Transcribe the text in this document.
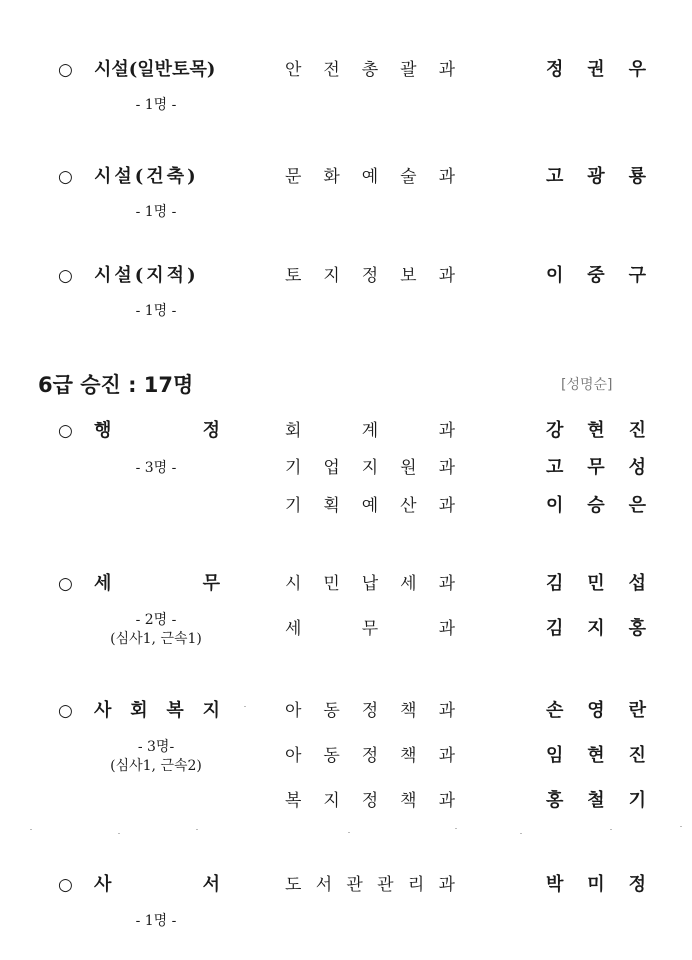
○ 시설(일반토목)
- 1명 -
안 전 총 괄 과	정 권 우
○ 시설(건축)
- 1명 -
문 화 예 술 과	고 광 룡
○ 시설(지적)
- 1명 -
토 지 정 보 과	이 중 구
6급 승진 : 17명	[성명순]
○ 행	정
- 3명 -
회	계	과	강 현 진
기 업 지 원 과	고 무 성
기 획 예 산 과	이 승 은
○ 세	무
- 2명 -
(심사1, 근속1)
시 민 납 세 과	김 민 섭
세	무	과	김 지 홍
○ 사 회 복 지
- 3명-
(심사1, 근속2)
아 동 정 책 과	손 영 란
아 동 정 책 과	임 현 진
복 지 정 책 과	홍 철 기
○ 사	서
- 1명 -
도 서 관 관 리 과	박 미 정
